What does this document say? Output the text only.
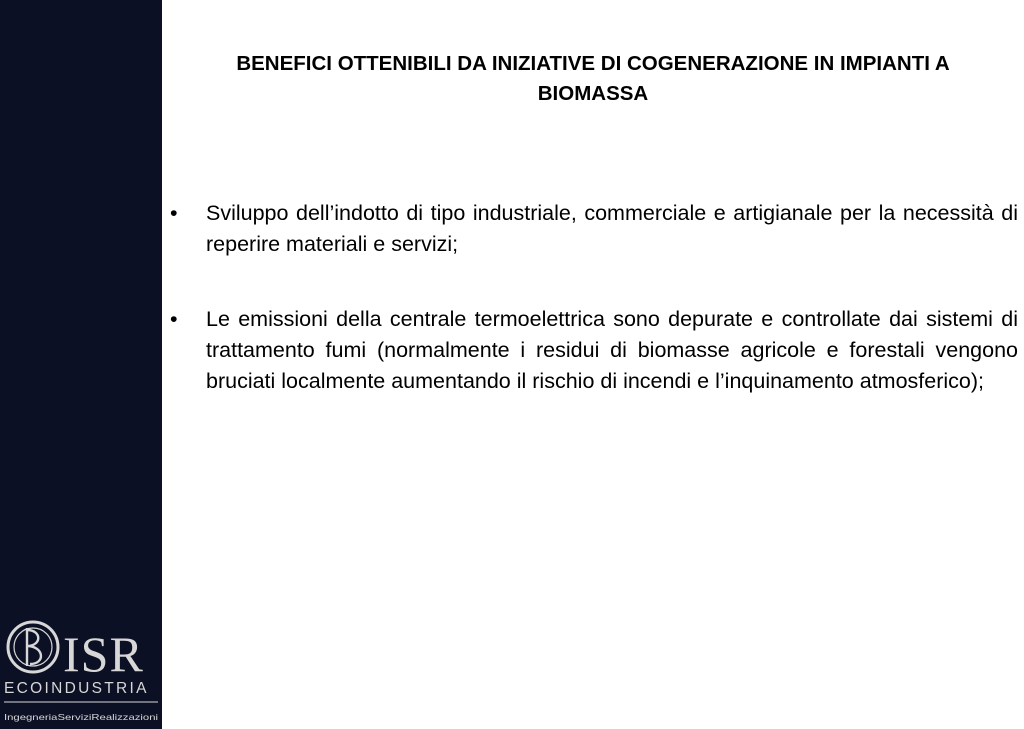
ISR
ECOINDUSTRIA
IngegneriaServiziRealizzazioni
BENEFICI OTTENIBILI DA INIZIATIVE DI COGENERAZIONE IN IMPIANTI A BIOMASSA
•	Sviluppo dell’indotto di tipo industriale, commerciale e artigianale per la necessità di reperire materiali e servizi;
•	Le emissioni della centrale termoelettrica sono depurate e controllate dai sistemi di trattamento fumi (normalmente i residui di biomasse agricole e forestali vengono bruciati localmente aumentando il rischio di incendi e l’inquinamento atmosferico);
